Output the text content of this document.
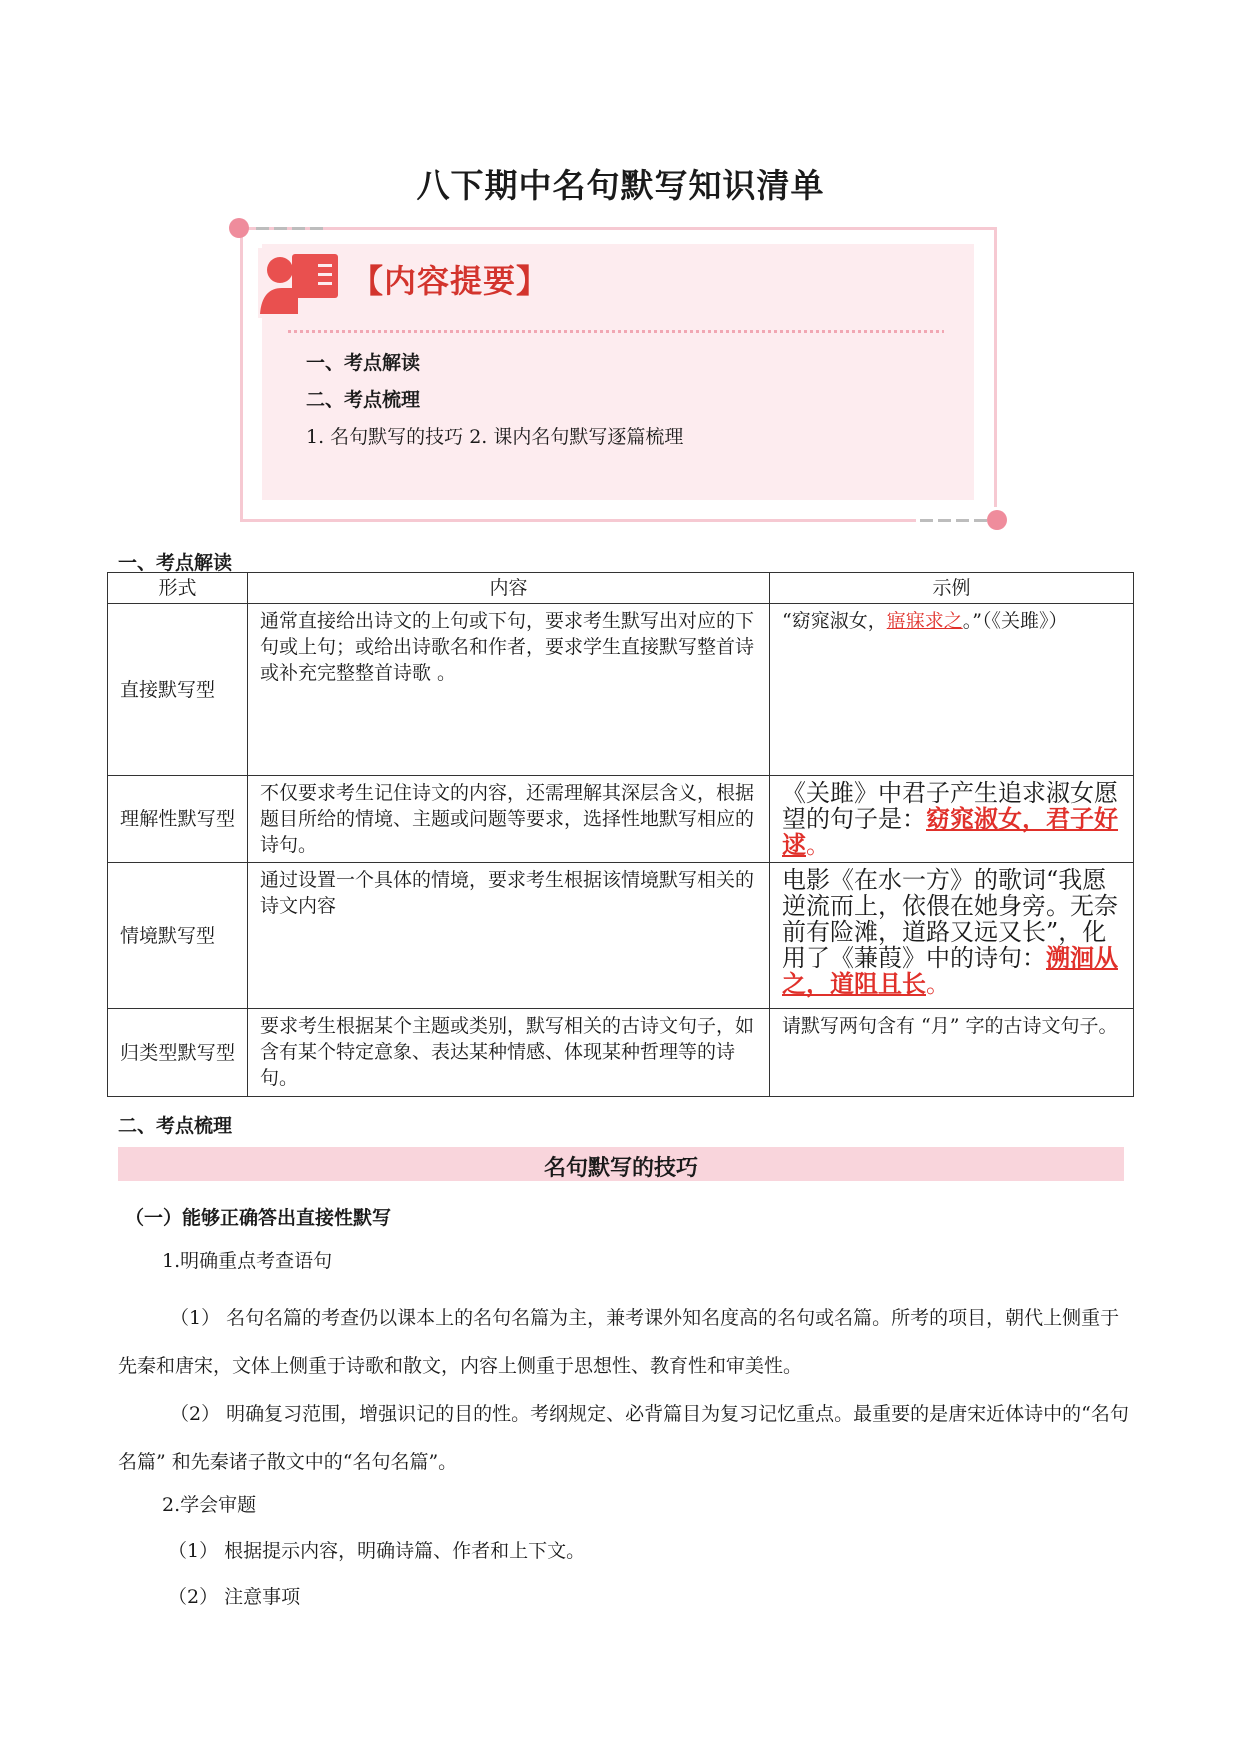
八下期中名句默写知识清单
【内容提要】
一、考点解读
二、考点梳理
1. 名句默写的技巧 2. 课内名句默写逐篇梳理
一、考点解读
形式	内容	示例
直接默写型	通常直接给出诗文的上句或下句，要求考生默写出对应的下句或上句；或给出诗歌名和作者，要求学生直接默写整首诗或补充完整整首诗歌 。	“窈窕淑女，寤寐求之。”（《关雎》）
理解性默写型	不仅要求考生记住诗文的内容，还需理解其深层含义，根据题目所给的情境、主题或问题等要求，选择性地默写相应的诗句。	《关雎》中君子产生追求淑女愿望的句子是：窈窕淑女，君子好逑。
情境默写型	通过设置一个具体的情境，要求考生根据该情境默写相关的诗文内容	电影《在水一方》的歌词“我愿逆流而上，依偎在她身旁。无奈前有险滩，道路又远又长”，化用了《蒹葭》中的诗句：溯洄从之，道阻且长。
归类型默写型	要求考生根据某个主题或类别，默写相关的古诗文句子，如含有某个特定意象、表达某种情感、体现某种哲理等的诗句。	请默写两句含有 “月” 字的古诗文句子。
二、考点梳理
名句默写的技巧
（一）能够正确答出直接性默写
1.明确重点考查语句
（1） 名句名篇的考查仍以课本上的名句名篇为主，兼考课外知名度高的名句或名篇。所考的项目，朝代上侧重于先秦和唐宋，文体上侧重于诗歌和散文，内容上侧重于思想性、教育性和审美性。
（2） 明确复习范围，增强识记的目的性。考纲规定、必背篇目为复习记忆重点。最重要的是唐宋近体诗中的“名句名篇” 和先秦诸子散文中的“名句名篇”。
2.学会审题
（1） 根据提示内容，明确诗篇、作者和上下文。
（2） 注意事项
